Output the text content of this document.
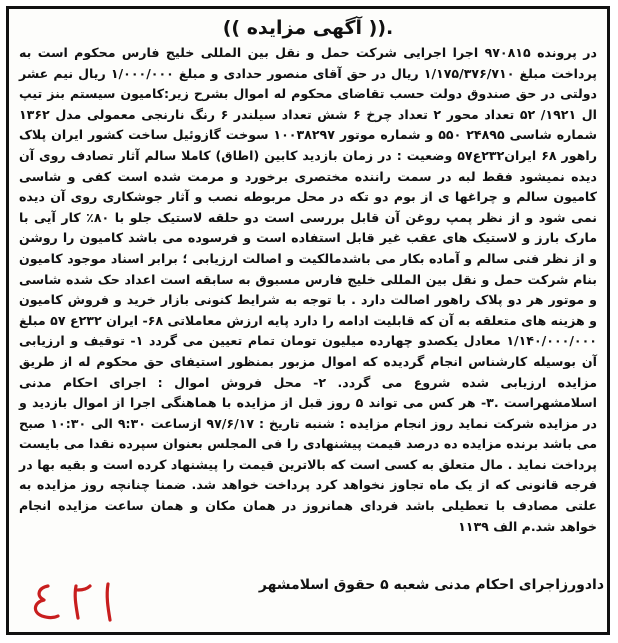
.(( آگهی مزایده ))
در پرونده ۹۷۰۸۱۵ اجرا اجرایی شرکت حمل و نقل بین المللی خلیج فارس محکوم است به پرداخت مبلغ ۱/۱۷۵/۳۷۶/۷۱۰ ریال در حق آقای منصور حدادی و مبلغ ۱/۰۰۰/۰۰۰ ریال نیم عشر دولتی در حق صندوق دولت حسب تقاضای محکوم له اموال بشرح زیر:کامیون سیستم بنز تیپ ال ۱۹۲۱/ ۵۲ تعداد محور ۲ تعداد چرخ ۶ شش تعداد سیلندر ۶ رنگ نارنجی معمولی مدل ۱۳۶۲ شماره شاسی ۲۴۸۹۵ ۵۵۰ و شماره موتور ۱۰۰۳۸۲۹۷ سوخت گازوئیل ساخت کشور ایران پلاک راهور ۶۸ ایران۲۳۲ع۵۷ وضعیت : در زمان بازدید کابین (اطاق) کاملا سالم آثار تصادف روی آن دیده نمیشود فقط لبه در سمت راننده مختصری برخورد و مرمت شده است کفی و شاسی کامیون سالم و چراغها ی از بوم دو تکه در محل مربوطه نصب و آثار جوشکاری روی آن دیده نمی شود و از نظر پمپ روغن آن قابل بررسی است دو حلقه لاستیک جلو با ۸۰٪ کار آیی با مارک بارز و لاستیک های عقب غیر قابل استفاده است و فرسوده می باشد کامیون را روشن و از نظر فنی سالم و آماده بکار می باشدمالکیت و اصالت ارزیابی ؛ برابر اسناد موجود کامیون بنام شرکت حمل و نقل بین المللی خلیج فارس مسبوق به سابقه است اعداد حک شده شاسی و موتور هر دو پلاک راهور اصالت دارد . با توجه به شرایط کنونی بازار خرید و فروش کامیون و هزینه های متعلقه به آن که قابلیت ادامه را دارد پایه ارزش معاملاتی ۶۸- ایران ۲۳۲ع ۵۷ مبلغ ۱/۱۴۰/۰۰۰/۰۰۰ معادل یکصدو چهارده میلیون تومان تمام تعیین می گردد ۱- توقیف و ارزیابی آن بوسیله کارشناس انجام گردیده که اموال مزبور بمنظور استیفای حق محکوم له از طریق مزایده ارزیابی شده شروع می گردد. ۲- محل فروش اموال : اجرای احکام مدنی اسلامشهراست .۳- هر کس می تواند ۵ روز قبل از مزایده با هماهنگی اجرا از اموال بازدید و در مزایده شرکت نماید روز انجام مزایده : شنبه تاریخ : ۹۷/۶/۱۷ ازساعت ۹:۳۰ الی ۱۰:۳۰ صبح می باشد برنده مزایده ده درصد قیمت پیشنهادی را فی المجلس بعنوان سپرده نقدا می بایست پرداخت نماید . مال متعلق به کسی است که بالاترین قیمت را پیشنهاد کرده است و بقیه بها در فرجه قانونی که از یک ماه تجاوز نخواهد کرد پرداخت خواهد شد. ضمنا چنانچه روز مزایده به علتی مصادف با تعطیلی باشد فردای همانروز در همان مکان و همان ساعت مزایده انجام خواهد شد.م الف ۱۱۳۹
دادورزاجرای احکام مدنی شعبه ۵ حقوق اسلامشهر
